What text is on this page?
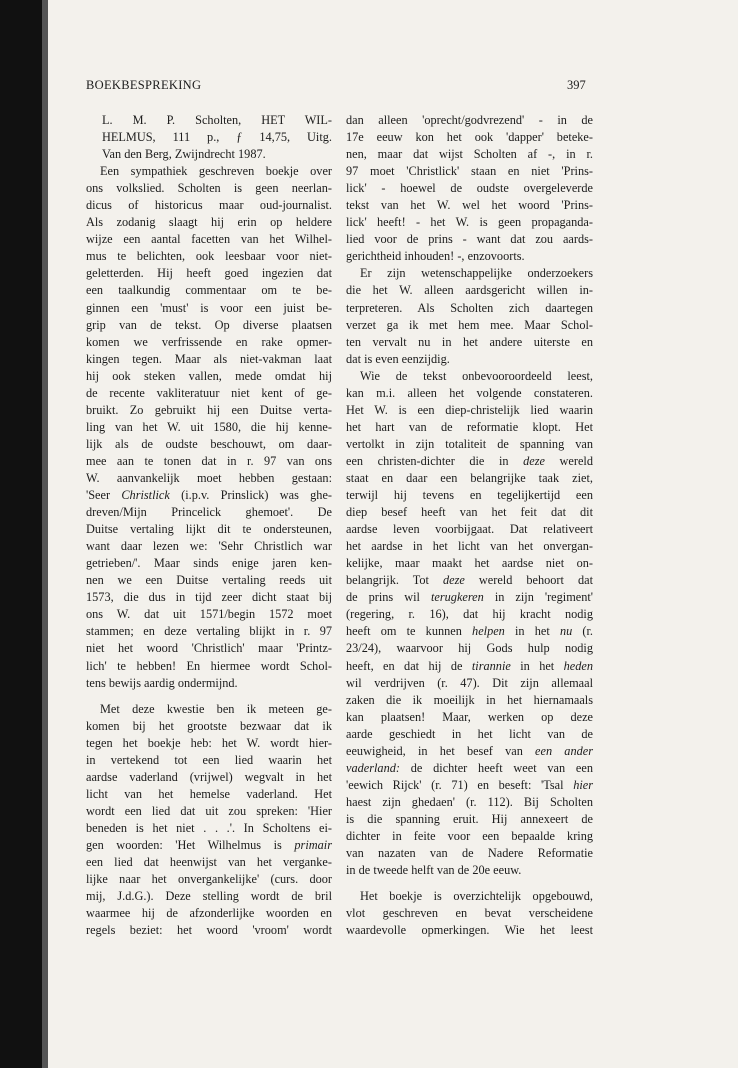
BOEKBESPREKING	397
L. M. P. Scholten, HET WIL-
HELMUS, 111 p., ƒ 14,75, Uitg.
Van den Berg, Zwijndrecht 1987.
Een sympathiek geschreven boekje over
ons volkslied. Scholten is geen neerlan-
dicus of historicus maar oud-journalist.
Als zodanig slaagt hij erin op heldere
wijze een aantal facetten van het Wilhel-
mus te belichten, ook leesbaar voor niet-
geletterden. Hij heeft goed ingezien dat
een taalkundig commentaar om te be-
ginnen een 'must' is voor een juist be-
grip van de tekst. Op diverse plaatsen
komen we verfrissende en rake opmer-
kingen tegen. Maar als niet-vakman laat
hij ook steken vallen, mede omdat hij
de recente vakliteratuur niet kent of ge-
bruikt. Zo gebruikt hij een Duitse verta-
ling van het W. uit 1580, die hij kenne-
lijk als de oudste beschouwt, om daar-
mee aan te tonen dat in r. 97 van ons
W. aanvankelijk moet hebben gestaan:
'Seer Christlick (i.p.v. Prinslick) was ghe-
dreven/Mijn Princelick ghemoet'. De
Duitse vertaling lijkt dit te ondersteunen,
want daar lezen we: 'Sehr Christlich war
getrieben/'. Maar sinds enige jaren ken-
nen we een Duitse vertaling reeds uit
1573, die dus in tijd zeer dicht staat bij
ons W. dat uit 1571/begin 1572 moet
stammen; en deze vertaling blijkt in r. 97
niet het woord 'Christlich' maar 'Printz-
lich' te hebben! En hiermee wordt Schol-
tens bewijs aardig ondermijnd.
Met deze kwestie ben ik meteen ge-
komen bij het grootste bezwaar dat ik
tegen het boekje heb: het W. wordt hier-
in vertekend tot een lied waarin het
aardse vaderland (vrijwel) wegvalt in het
licht van het hemelse vaderland. Het
wordt een lied dat uit zou spreken: 'Hier
beneden is het niet . . .'. In Scholtens ei-
gen woorden: 'Het Wilhelmus is primair
een lied dat heenwijst van het verganke-
lijke naar het onvergankelijke' (curs. door
mij, J.d.G.). Deze stelling wordt de bril
waarmee hij de afzonderlijke woorden en
regels beziet: het woord 'vroom' wordt
dan alleen 'oprecht/godvrezend' - in de
17e eeuw kon het ook 'dapper' beteke-
nen, maar dat wijst Scholten af -, in r.
97 moet 'Christlick' staan en niet 'Prins-
lick' - hoewel de oudste overgeleverde
tekst van het W. wel het woord 'Prins-
lick' heeft! - het W. is geen propaganda-
lied voor de prins - want dat zou aards-
gerichtheid inhouden! -, enzovoorts.
Er zijn wetenschappelijke onderzoekers
die het W. alleen aardsgericht willen in-
terpreteren. Als Scholten zich daartegen
verzet ga ik met hem mee. Maar Schol-
ten vervalt nu in het andere uiterste en
dat is even eenzijdig.
Wie de tekst onbevooroordeeld leest,
kan m.i. alleen het volgende constateren.
Het W. is een diep-christelijk lied waarin
het hart van de reformatie klopt. Het
vertolkt in zijn totaliteit de spanning van
een christen-dichter die in deze wereld
staat en daar een belangrijke taak ziet,
terwijl hij tevens en tegelijkertijd een
diep besef heeft van het feit dat dit
aardse leven voorbijgaat. Dat relativeert
het aardse in het licht van het onvergan-
kelijke, maar maakt het aardse niet on-
belangrijk. Tot deze wereld behoort dat
de prins wil terugkeren in zijn 'regiment'
(regering, r. 16), dat hij kracht nodig
heeft om te kunnen helpen in het nu (r.
23/24), waarvoor hij Gods hulp nodig
heeft, en dat hij de tirannie in het heden
wil verdrijven (r. 47). Dit zijn allemaal
zaken die ik moeilijk in het hiernamaals
kan plaatsen! Maar, werken op deze
aarde geschiedt in het licht van de
eeuwigheid, in het besef van een ander
vaderland: de dichter heeft weet van een
'eewich Rijck' (r. 71) en beseft: 'Tsal hier
haest zijn ghedaen' (r. 112). Bij Scholten
is die spanning eruit. Hij annexeert de
dichter in feite voor een bepaalde kring
van nazaten van de Nadere Reformatie
in de tweede helft van de 20e eeuw.
Het boekje is overzichtelijk opgebouwd,
vlot geschreven en bevat verscheidene
waardevolle opmerkingen. Wie het leest
